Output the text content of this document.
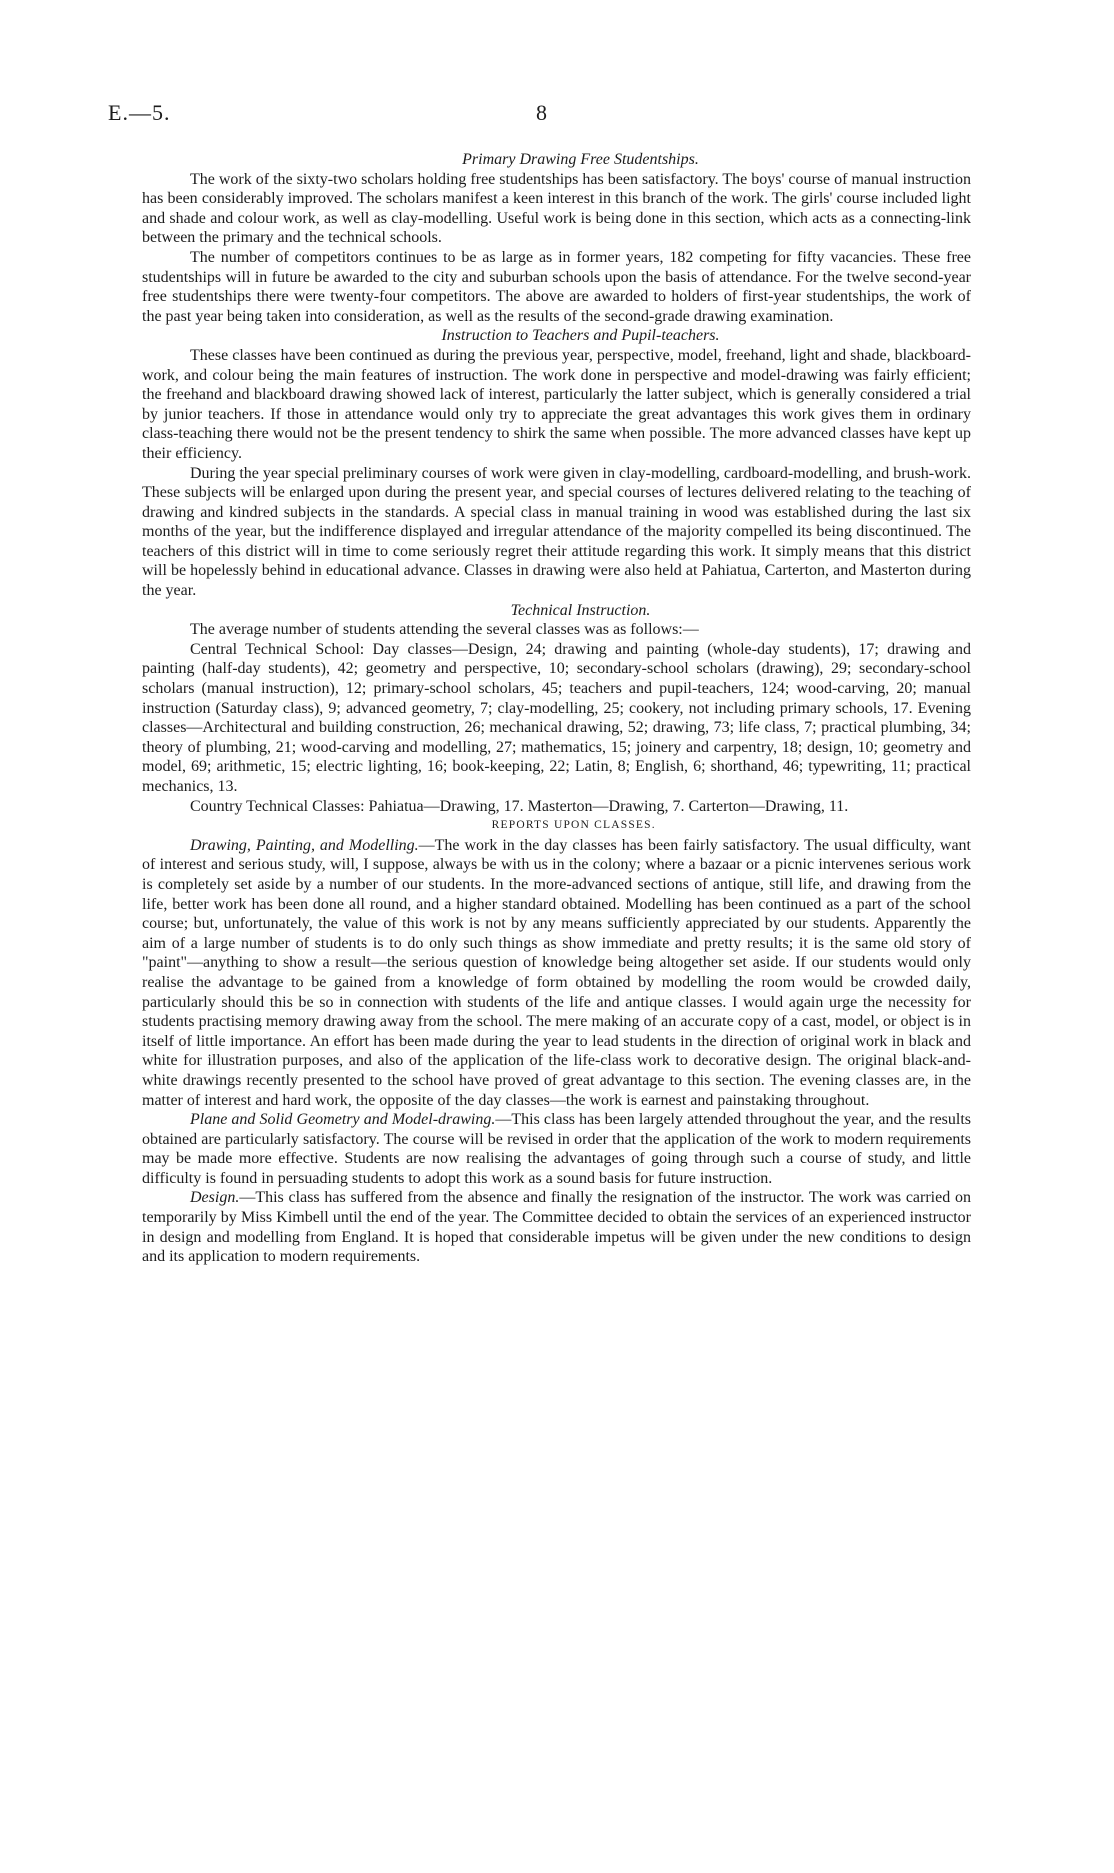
E.—5.	8

Primary Drawing Free Studentships.

The work of the sixty-two scholars holding free studentships has been satisfactory. The boys' course of manual instruction has been considerably improved. The scholars manifest a keen interest in this branch of the work. The girls' course included light and shade and colour work, as well as clay-modelling. Useful work is being done in this section, which acts as a connecting-link between the primary and the technical schools.

The number of competitors continues to be as large as in former years, 182 competing for fifty vacancies. These free studentships will in future be awarded to the city and suburban schools upon the basis of attendance. For the twelve second-year free studentships there were twenty-four competitors. The above are awarded to holders of first-year studentships, the work of the past year being taken into consideration, as well as the results of the second-grade drawing examination.

Instruction to Teachers and Pupil-teachers.

These classes have been continued as during the previous year, perspective, model, freehand, light and shade, blackboard-work, and colour being the main features of instruction. The work done in perspective and model-drawing was fairly efficient; the freehand and blackboard drawing showed lack of interest, particularly the latter subject, which is generally considered a trial by junior teachers. If those in attendance would only try to appreciate the great advantages this work gives them in ordinary class-teaching there would not be the present tendency to shirk the same when possible. The more advanced classes have kept up their efficiency.

During the year special preliminary courses of work were given in clay-modelling, cardboard-modelling, and brush-work. These subjects will be enlarged upon during the present year, and special courses of lectures delivered relating to the teaching of drawing and kindred subjects in the standards. A special class in manual training in wood was established during the last six months of the year, but the indifference displayed and irregular attendance of the majority compelled its being discontinued. The teachers of this district will in time to come seriously regret their attitude regarding this work. It simply means that this district will be hopelessly behind in educational advance. Classes in drawing were also held at Pahiatua, Carterton, and Masterton during the year.

Technical Instruction.

The average number of students attending the several classes was as follows:—

Central Technical School: Day classes—Design, 24; drawing and painting (whole-day students), 17; drawing and painting (half-day students), 42; geometry and perspective, 10; secondary-school scholars (drawing), 29; secondary-school scholars (manual instruction), 12; primary-school scholars, 45; teachers and pupil-teachers, 124; wood-carving, 20; manual instruction (Saturday class), 9; advanced geometry, 7; clay-modelling, 25; cookery, not including primary schools, 17. Evening classes—Architectural and building construction, 26; mechanical drawing, 52; drawing, 73; life class, 7; practical plumbing, 34; theory of plumbing, 21; wood-carving and modelling, 27; mathematics, 15; joinery and carpentry, 18; design, 10; geometry and model, 69; arithmetic, 15; electric lighting, 16; book-keeping, 22; Latin, 8; English, 6; shorthand, 46; typewriting, 11; practical mechanics, 13.

Country Technical Classes: Pahiatua—Drawing, 17. Masterton—Drawing, 7. Carterton—Drawing, 11.

REPORTS UPON CLASSES.

Drawing, Painting, and Modelling.—The work in the day classes has been fairly satisfactory. The usual difficulty, want of interest and serious study, will, I suppose, always be with us in the colony; where a bazaar or a picnic intervenes serious work is completely set aside by a number of our students. In the more-advanced sections of antique, still life, and drawing from the life, better work has been done all round, and a higher standard obtained. Modelling has been continued as a part of the school course; but, unfortunately, the value of this work is not by any means sufficiently appreciated by our students. Apparently the aim of a large number of students is to do only such things as show immediate and pretty results; it is the same old story of "paint"—anything to show a result—the serious question of knowledge being altogether set aside. If our students would only realise the advantage to be gained from a knowledge of form obtained by modelling the room would be crowded daily, particularly should this be so in connection with students of the life and antique classes. I would again urge the necessity for students practising memory drawing away from the school. The mere making of an accurate copy of a cast, model, or object is in itself of little importance. An effort has been made during the year to lead students in the direction of original work in black and white for illustration purposes, and also of the application of the life-class work to decorative design. The original black-and-white drawings recently presented to the school have proved of great advantage to this section. The evening classes are, in the matter of interest and hard work, the opposite of the day classes—the work is earnest and painstaking throughout.

Plane and Solid Geometry and Model-drawing.—This class has been largely attended throughout the year, and the results obtained are particularly satisfactory. The course will be revised in order that the application of the work to modern requirements may be made more effective. Students are now realising the advantages of going through such a course of study, and little difficulty is found in persuading students to adopt this work as a sound basis for future instruction.

Design.—This class has suffered from the absence and finally the resignation of the instructor. The work was carried on temporarily by Miss Kimbell until the end of the year. The Committee decided to obtain the services of an experienced instructor in design and modelling from England. It is hoped that considerable impetus will be given under the new conditions to design and its application to modern requirements.
